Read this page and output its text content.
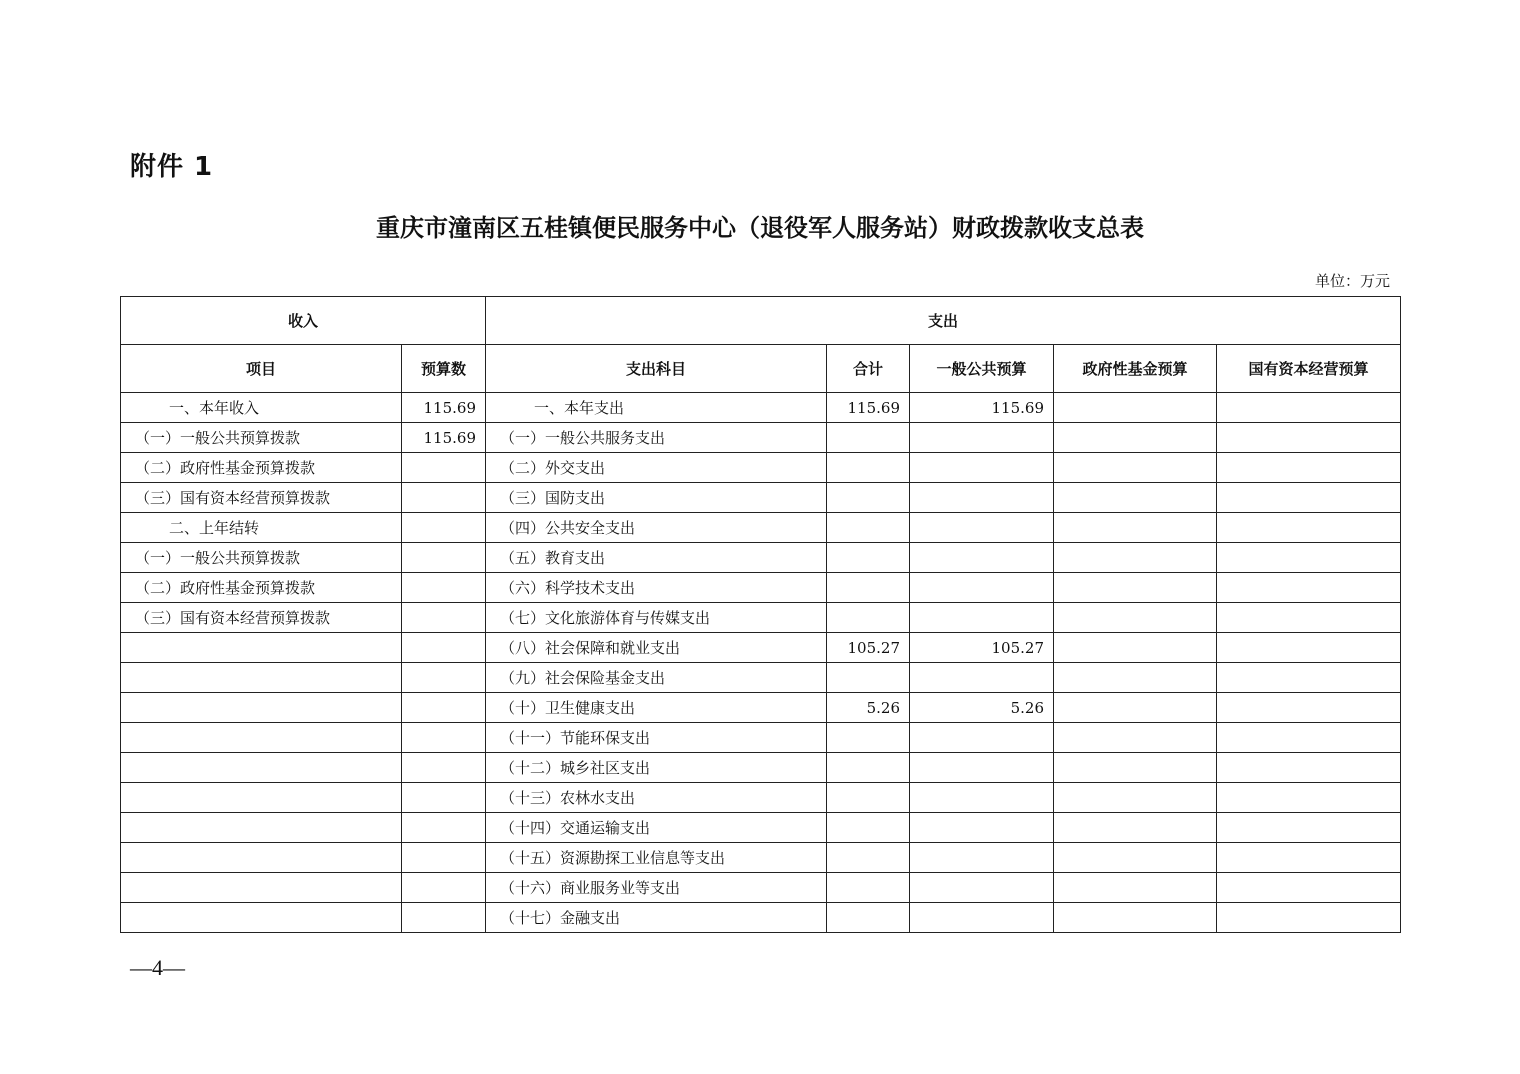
附件 1
重庆市潼南区五桂镇便民服务中心（退役军人服务站）财政拨款收支总表
单位：万元
收入		支出				
项目	预算数	支出科目	合计	一般公共预算	政府性基金预算	国有资本经营预算
一、本年收入	115.69	一、本年支出	115.69	115.69		
（一）一般公共预算拨款	115.69	（一）一般公共服务支出				
（二）政府性基金预算拨款		（二）外交支出				
（三）国有资本经营预算拨款		（三）国防支出				
二、上年结转		（四）公共安全支出				
（一）一般公共预算拨款		（五）教育支出				
（二）政府性基金预算拨款		（六）科学技术支出				
（三）国有资本经营预算拨款		（七）文化旅游体育与传媒支出				
		（八）社会保障和就业支出	105.27	105.27		
		（九）社会保险基金支出				
		（十）卫生健康支出	5.26	5.26		
		（十一）节能环保支出				
		（十二）城乡社区支出				
		（十三）农林水支出				
		（十四）交通运输支出				
		（十五）资源勘探工业信息等支出				
		（十六）商业服务业等支出				
		（十七）金融支出				
—4—
